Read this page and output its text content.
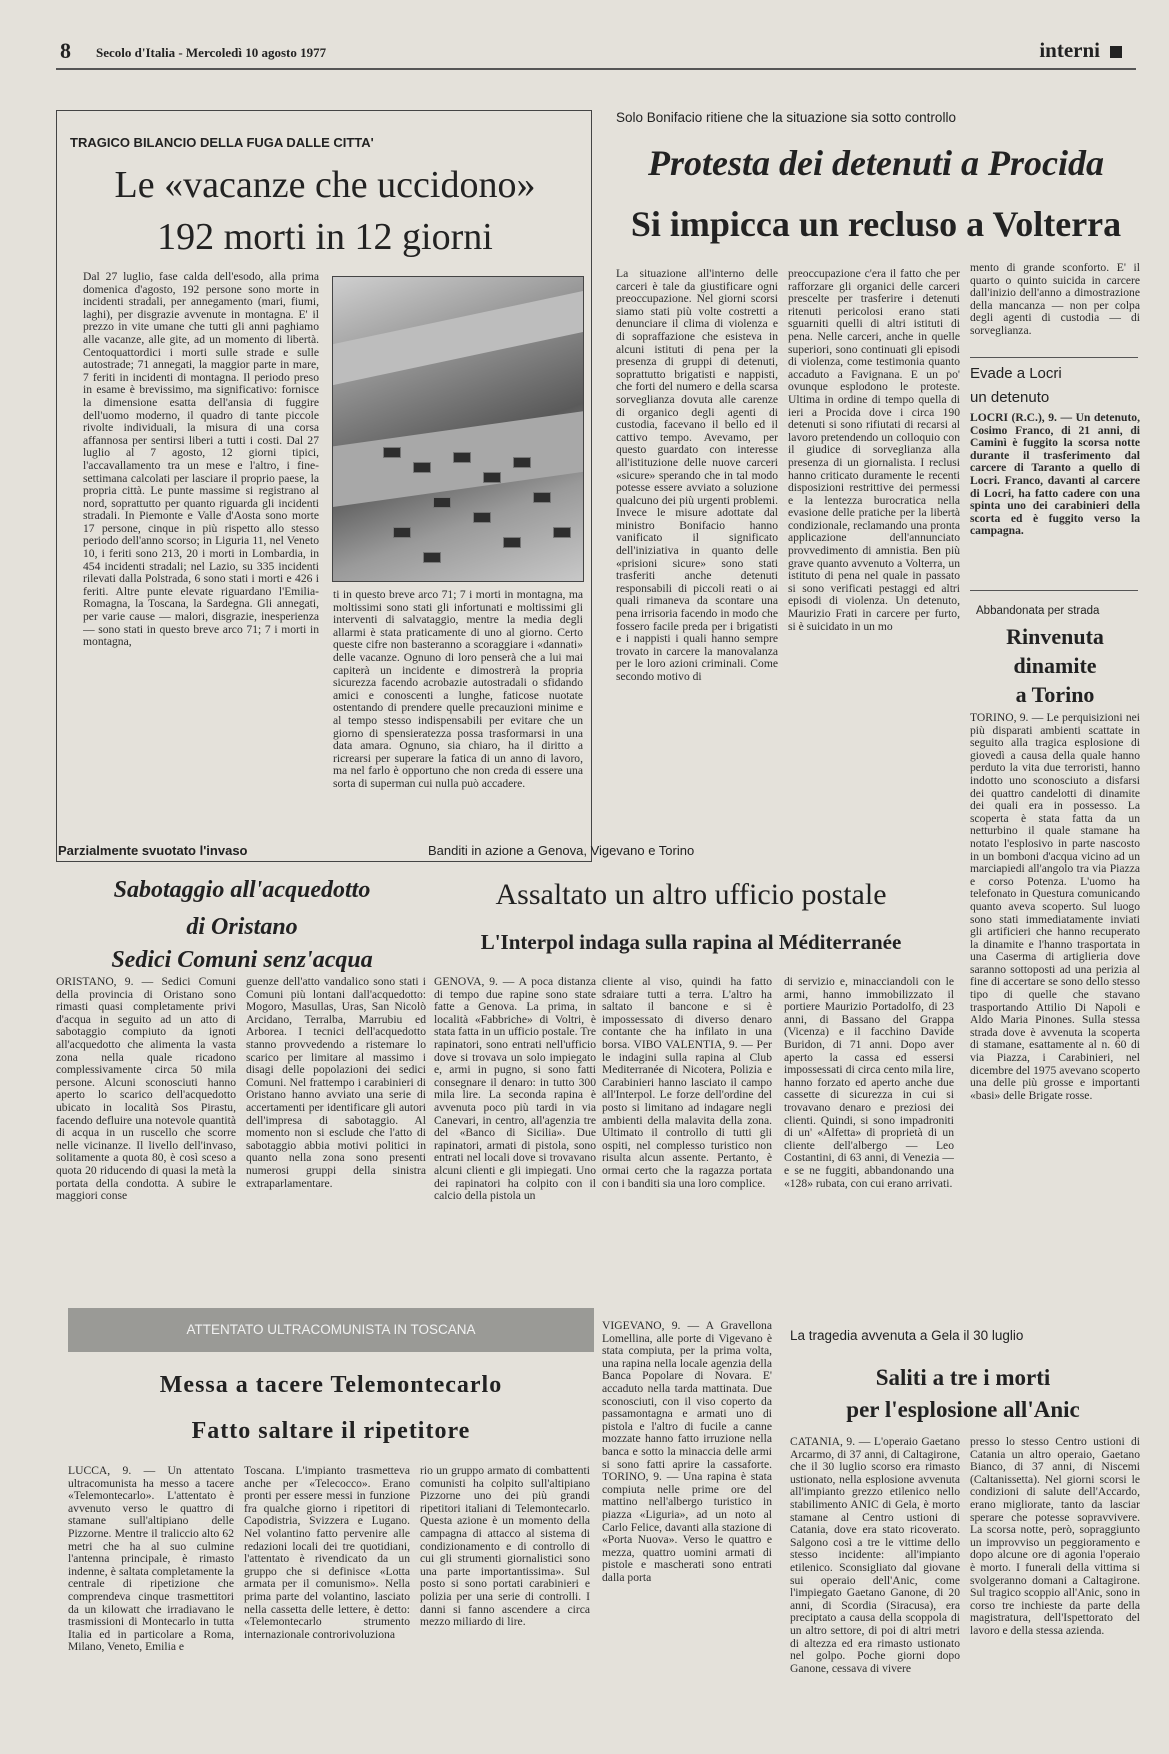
8 Secolo d'Italia - Mercoledì 10 agosto 1977	interni
TRAGICO BILANCIO DELLA FUGA DALLE CITTA'
Le «vacanze che uccidono»
192 morti in 12 giorni

Dal 27 luglio, fase calda dell'esodo, alla prima domenica d'agosto, 192 persone sono morte in incidenti stradali, per annegamento (mari, fiumi, laghi), per disgrazie avvenute in montagna. E' il prezzo in vite umane che tutti gli anni paghiamo alle vacanze, alle gite, ad un momento di libertà. Centoquattordici i morti sulle strade e sulle autostrade; 71 annegati, la maggior parte in mare, 7 feriti in incidenti di montagna. Il periodo preso in esame è brevissimo, ma significativo: fornisce la dimensione esatta dell'ansia di fuggire dell'uomo moderno, il quadro di tante piccole rivolte individuali, la misura di una corsa affannosa per sentirsi liberi a tutti i costi. Dal 27 luglio al 7 agosto, 12 giorni tipici, l'accavallamento tra un mese e l'altro, i fine-settimana calcolati per lasciare il proprio paese, la propria città. Le punte massime si registrano al nord, soprattutto per quanto riguarda gli incidenti stradali. In Piemonte e Valle d'Aosta sono morte 17 persone, cinque in più rispetto allo stesso periodo dell'anno scorso; in Liguria 11, nel Veneto 10, i feriti sono 213, 20 i morti in Lombardia, in 454 incidenti stradali; nel Lazio, su 335 incidenti rilevati dalla Polstrada, 6 sono stati i morti e 426 i feriti. Altre punte elevate riguardano l'Emilia-Romagna, la Toscana, la Sardegna. Gli annegati, per varie cause — malori, disgrazie, inesperienza — sono stati in questo breve arco 71; 7 i morti in montagna,

ti in questo breve arco 71; 7 i morti in montagna, ma moltissimi sono stati gli infortunati e moltissimi gli interventi di salvataggio, mentre la media degli allarmi è stata praticamente di uno al giorno. Certo queste cifre non basteranno a scoraggiare i «dannati» delle vacanze. Ognuno di loro penserà che a lui mai capiterà un incidente e dimostrerà la propria sicurezza facendo acrobazie autostradali o sfidando amici e conoscenti a lunghe, faticose nuotate ostentando di prendere quelle precauzioni minime e al tempo stesso indispensabili per evitare che un giorno di spensieratezza possa trasformarsi in una data amara. Ognuno, sia chiaro, ha il diritto a ricrearsi per superare la fatica di un anno di lavoro, ma nel farlo è opportuno che non creda di essere una sorta di superman cui nulla può accadere.

Solo Bonifacio ritiene che la situazione sia sotto controllo
Protesta dei detenuti a Procida
Si impicca un recluso a Volterra

La situazione all'interno delle carceri è tale da giustificare ogni preoccupazione. Nel giorni scorsi siamo stati più volte costretti a denunciare il clima di violenza e di sopraffazione che esisteva in alcuni istituti di pena per la presenza di gruppi di detenuti, soprattutto brigatisti e nappisti, che forti del numero e della scarsa sorveglianza dovuta alle carenze di organico degli agenti di custodia, facevano il bello ed il cattivo tempo. Avevamo, per questo guardato con interesse all'istituzione delle nuove carceri «sicure» sperando che in tal modo potesse essere avviato a soluzione qualcuno dei più urgenti problemi. Invece le misure adottate dal ministro Bonifacio hanno vanificato il significato dell'iniziativa in quanto delle «prisioni sicure» sono stati trasferiti anche detenuti responsabili di piccoli reati o ai quali rimaneva da scontare una pena irrisoria facendo in modo che fossero facile preda per i brigatisti e i nappisti i quali hanno sempre trovato in carcere la manovalanza per le loro azioni criminali. Come secondo motivo di

preoccupazione c'era il fatto che per rafforzare gli organici delle carceri prescelte per trasferire i detenuti ritenuti pericolosi erano stati sguarniti quelli di altri istituti di pena. Nelle carceri, anche in quelle superiori, sono continuati gli episodi di violenza, come testimonia quanto accaduto a Favignana. E un po' ovunque esplodono le proteste. Ultima in ordine di tempo quella di ieri a Procida dove i circa 190 detenuti si sono rifiutati di recarsi al lavoro pretendendo un colloquio con il giudice di sorveglianza alla presenza di un giornalista. I reclusi hanno criticato duramente le recenti disposizioni restrittive dei permessi e la lentezza burocratica nella evasione delle pratiche per la libertà condizionale, reclamando una pronta applicazione dell'annunciato provvedimento di amnistia. Ben più grave quanto avvenuto a Volterra, un istituto di pena nel quale in passato si sono verificati pestaggi ed altri episodi di violenza. Un detenuto, Maurizio Frati in carcere per furto, si è suicidato in un mo

mento di grande sconforto. E' il quarto o quinto suicida in carcere dall'inizio dell'anno a dimostrazione della mancanza — non per colpa degli agenti di custodia — di sorveglianza.

Evade a Locri
un detenuto

LOCRI (R.C.), 9. — Un detenuto, Cosimo Franco, di 21 anni, di Caminì è fuggito la scorsa notte durante il trasferimento dal carcere di Taranto a quello di Locri. Franco, davanti al carcere di Locri, ha fatto cadere con una spinta uno dei carabinieri della scorta ed è fuggito verso la campagna.

Abbandonata per strada
Rinvenuta
dinamite
a Torino

TORINO, 9. — Le perquisizioni nei più disparati ambienti scattate in seguito alla tragica esplosione di giovedì a causa della quale hanno perduto la vita due terroristi, hanno indotto uno sconosciuto a disfarsi dei quattro candelotti di dinamite dei quali era in possesso. La scoperta è stata fatta da un netturbino il quale stamane ha notato l'esplosivo in parte nascosto in un bomboni d'acqua vicino ad un marciapiedi all'angolo tra via Piazza e corso Potenza. L'uomo ha telefonato in Questura comunicando quanto aveva scoperto. Sul luogo sono stati immediatamente inviati gli artificieri che hanno recuperato la dinamite e l'hanno trasportata in una Caserma di artiglieria dove saranno sottoposti ad una perizia al fine di accertare se sono dello stesso tipo di quelle che stavano trasportando Attilio Di Napoli e Aldo Maria Pinones. Sulla stessa strada dove è avvenuta la scoperta di stamane, esattamente al n. 60 di via Piazza, i Carabinieri, nel dicembre del 1975 avevano scoperto una delle più grosse e importanti «basi» delle Brigate rosse.

Parzialmente svuotato l'invaso
Sabotaggio all'acquedotto
di Oristano
Sedici Comuni senz'acqua

ORISTANO, 9. — Sedici Comuni della provincia di Oristano sono rimasti quasi completamente privi d'acqua in seguito ad un atto di sabotaggio compiuto da ignoti all'acquedotto che alimenta la vasta zona nella quale ricadono complessivamente circa 50 mila persone. Alcuni sconosciuti hanno aperto lo scarico dell'acquedotto ubicato in località Sos Pirastu, facendo defluire una notevole quantità di acqua in un ruscello che scorre nelle vicinanze. Il livello dell'invaso, solitamente a quota 80, è così sceso a quota 20 riducendo di quasi la metà la portata della condotta. A subire le maggiori conse

guenze dell'atto vandalico sono stati i Comuni più lontani dall'acquedotto: Mogoro, Masullas, Uras, San Nicolò Arcidano, Terralba, Marrubiu ed Arborea. I tecnici dell'acquedotto stanno provvedendo a ristemare lo scarico per limitare al massimo i disagi delle popolazioni dei sedici Comuni. Nel frattempo i carabinieri di Oristano hanno avviato una serie di accertamenti per identificare gli autori dell'impresa di sabotaggio. Al momento non si esclude che l'atto di sabotaggio abbia motivi politici in quanto nella zona sono presenti numerosi gruppi della sinistra extraparlamentare.

Banditi in azione a Genova, Vigevano e Torino
Assaltato un altro ufficio postale
L'Interpol indaga sulla rapina al Méditerranée

GENOVA, 9. — A poca distanza di tempo due rapine sono state fatte a Genova. La prima, in località «Fabbriche» di Voltri, è stata fatta in un ufficio postale. Tre rapinatori, sono entrati nell'ufficio dove si trovava un solo impiegato e, armi in pugno, si sono fatti consegnare il denaro: in tutto 300 mila lire. La seconda rapina è avvenuta poco più tardi in via Canevari, in centro, all'agenzia tre del «Banco di Sicilia». Due rapinatori, armati di pistola, sono entrati nel locali dove si trovavano alcuni clienti e gli impiegati. Uno dei rapinatori ha colpito con il calcio della pistola un

cliente al viso, quindi ha fatto sdraiare tutti a terra. L'altro ha saltato il bancone e si è impossessato di diverso denaro contante che ha infilato in una borsa. VIBO VALENTIA, 9. — Per le indagini sulla rapina al Club Mediterranée di Nicotera, Polizia e Carabinieri hanno lasciato il campo all'Interpol. Le forze dell'ordine del posto si limitano ad indagare negli ambienti della malavita della zona. Ultimato il controllo di tutti gli ospiti, nel complesso turistico non risulta alcun assente. Pertanto, è ormai certo che la ragazza portata con i banditi sia una loro complice.

di servizio e, minacciandoli con le armi, hanno immobilizzato il portiere Maurizio Portadolfo, di 23 anni, di Bassano del Grappa (Vicenza) e il facchino Davide Buridon, di 71 anni. Dopo aver aperto la cassa ed essersi impossessati di circa cento mila lire, hanno forzato ed aperto anche due cassette di sicurezza in cui si trovavano denaro e preziosi dei clienti. Quindi, si sono impadroniti di un' «Alfetta» di proprietà di un cliente dell'albergo — Leo Costantini, di 63 anni, di Venezia — e se ne fuggiti, abbandonando una «128» rubata, con cui erano arrivati.

VIGEVANO, 9. — A Gravellona Lomellina, alle porte di Vigevano è stata compiuta, per la prima volta, una rapina nella locale agenzia della Banca Popolare di Novara. E' accaduto nella tarda mattinata. Due sconosciuti, con il viso coperto da passamontagna e armati uno di pistola e l'altro di fucile a canne mozzate hanno fatto irruzione nella banca e sotto la minaccia delle armi si sono fatti aprire la cassaforte. TORINO, 9. — Una rapina è stata compiuta nelle prime ore del mattino nell'albergo turistico in piazza «Liguria», ad un noto al Carlo Felice, davanti alla stazione di «Porta Nuova». Verso le quattro e mezza, quattro uomini armati di pistole e mascherati sono entrati dalla porta

ATTENTATO ULTRACOMUNISTA IN TOSCANA
Messa a tacere Telemontecarlo
Fatto saltare il ripetitore

LUCCA, 9. — Un attentato ultracomunista ha messo a tacere «Telemontecarlo». L'attentato è avvenuto verso le quattro di stamane sull'altipiano delle Pizzorne. Mentre il traliccio alto 62 metri che ha al suo culmine l'antenna principale, è rimasto indenne, è saltata completamente la centrale di ripetizione che comprendeva cinque trasmettitori da un kilowatt che irradiavano le trasmissioni di Montecarlo in tutta Italia ed in particolare a Roma, Milano, Veneto, Emilia e

Toscana. L'impianto trasmetteva anche per «Telecocco». Erano pronti per essere messi in funzione fra qualche giorno i ripetitori di Capodistria, Svizzera e Lugano. Nel volantino fatto pervenire alle redazioni locali dei tre quotidiani, l'attentato è rivendicato da un gruppo che si definisce «Lotta armata per il comunismo». Nella prima parte del volantino, lasciato nella cassetta delle lettere, è detto: «Telemontecarlo strumento internazionale controrivoluziona

rio un gruppo armato di combattenti comunisti ha colpito sull'altipiano Pizzorne uno dei più grandi ripetitori italiani di Telemontecarlo. Questa azione è un momento della campagna di attacco al sistema di condizionamento e di controllo di cui gli strumenti giornalistici sono una parte importantissima». Sul posto si sono portati carabinieri e polizia per una serie di controlli. I danni si fanno ascendere a circa mezzo miliardo di lire.

La tragedia avvenuta a Gela il 30 luglio
Saliti a tre i morti
per l'esplosione all'Anic

CATANIA, 9. — L'operaio Gaetano Arcarmo, di 37 anni, di Caltagirone, che il 30 luglio scorso era rimasto ustionato, nella esplosione avvenuta all'impianto grezzo etilenico nello stabilimento ANIC di Gela, è morto stamane al Centro ustioni di Catania, dove era stato ricoverato. Salgono così a tre le vittime dello stesso incidente: all'impianto etilenico. Sconsigliato dal giovane sui operaio dell'Anic, come l'impiegato Gaetano Ganone, di 20 anni, di Scordia (Siracusa), era preciptato a causa della scoppola di un altro settore, di poi di altri metri di altezza ed era rimasto ustionato nel golpo. Poche giorni dopo Ganone, cessava di vivere

presso lo stesso Centro ustioni di Catania un altro operaio, Gaetano Bianco, di 37 anni, di Niscemi (Caltanissetta). Nel giorni scorsi le condizioni di salute dell'Accardo, erano migliorate, tanto da lasciar sperare che potesse sopravvivere. La scorsa notte, però, sopraggiunto un improvviso un peggioramento e dopo alcune ore di agonia l'operaio è morto. I funerali della vittima si svolgeranno domani a Caltagirone. Sul tragico scoppio all'Anic, sono in corso tre inchieste da parte della magistratura, dell'Ispettorato del lavoro e della stessa azienda.
